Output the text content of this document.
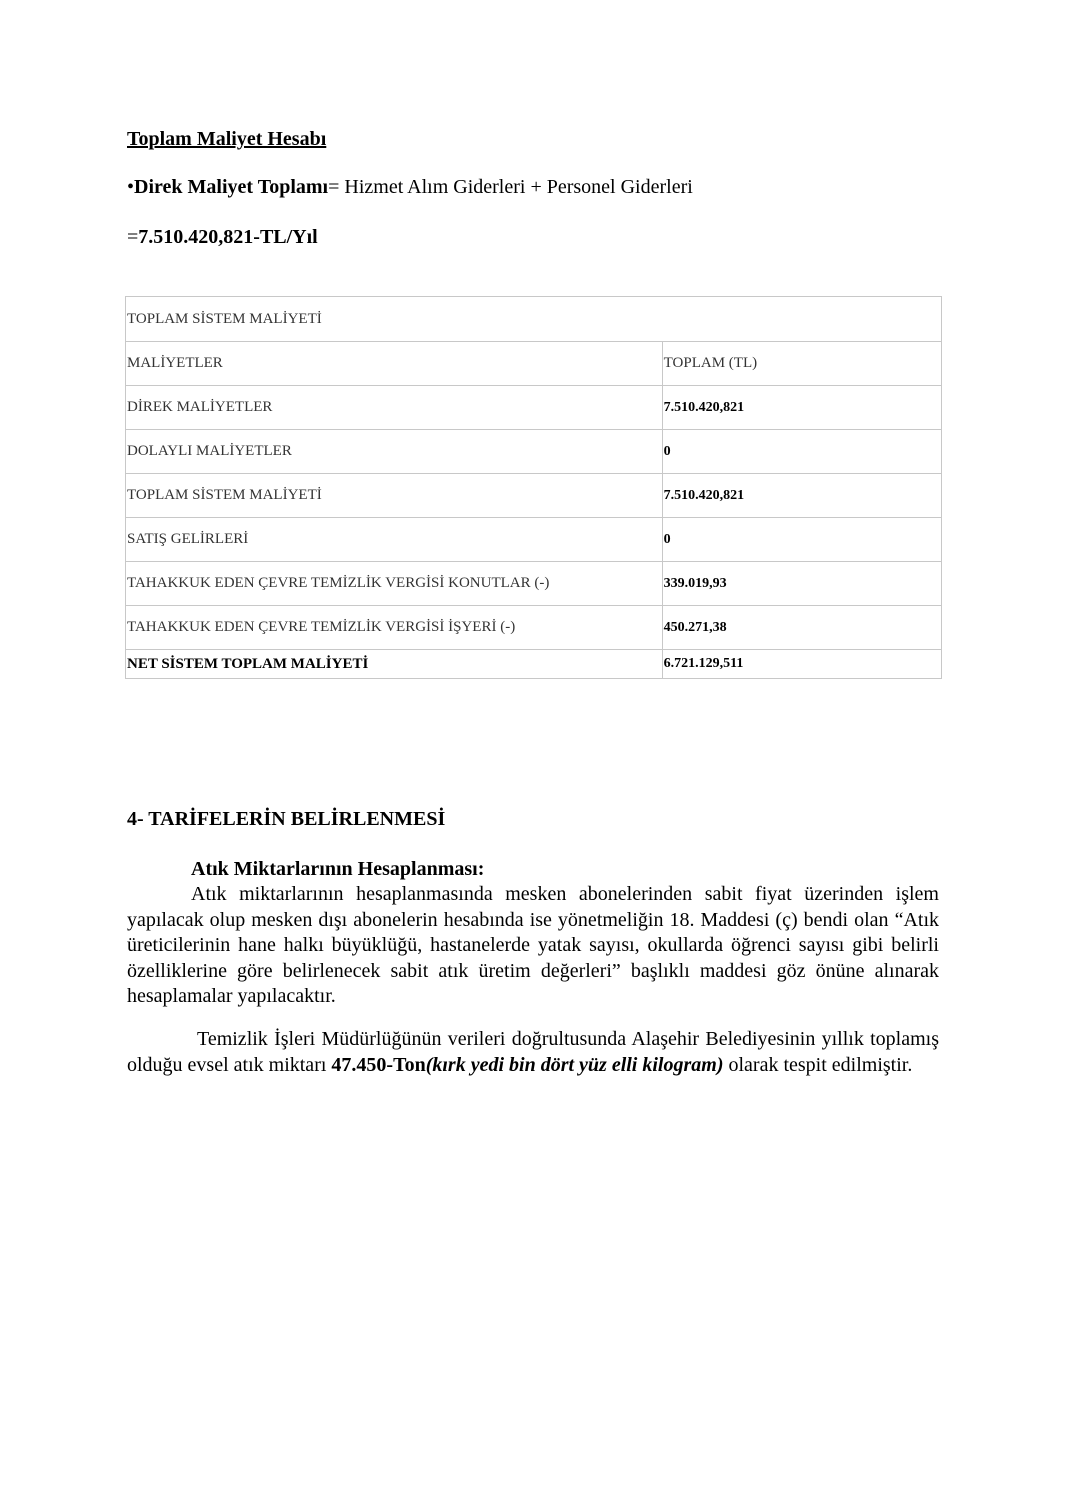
Toplam Maliyet Hesabı

•Direk Maliyet Toplamı= Hizmet Alım Giderleri + Personel Giderleri

=7.510.420,821-TL/Yıl

TOPLAM SİSTEM MALİYETİ	
MALİYETLER	TOPLAM (TL)
DİREK MALİYETLER	7.510.420,821
DOLAYLI MALİYETLER	0
TOPLAM SİSTEM MALİYETİ	7.510.420,821
SATIŞ GELİRLERİ	0
TAHAKKUK EDEN ÇEVRE TEMİZLİK VERGİSİ KONUTLAR (-)	339.019,93
TAHAKKUK EDEN ÇEVRE TEMİZLİK VERGİSİ İŞYERİ (-)	450.271,38
NET SİSTEM TOPLAM MALİYETİ	6.721.129,511

4- TARİFELERİN BELİRLENMESİ

Atık Miktarlarının Hesaplanması:

Atık miktarlarının hesaplanmasında mesken abonelerinden sabit fiyat üzerinden işlem yapılacak olup mesken dışı abonelerin hesabında ise yönetmeliğin 18. Maddesi (ç) bendi olan “Atık üreticilerinin hane halkı büyüklüğü, hastanelerde yatak sayısı, okullarda öğrenci sayısı gibi belirli özelliklerine göre belirlenecek sabit atık üretim değerleri” başlıklı maddesi göz önüne alınarak hesaplamalar yapılacaktır.

Temizlik İşleri Müdürlüğünün verileri doğrultusunda Alaşehir Belediyesinin yıllık toplamış olduğu evsel atık miktarı 47.450-Ton(kırk yedi bin dört yüz elli kilogram) olarak tespit edilmiştir.
